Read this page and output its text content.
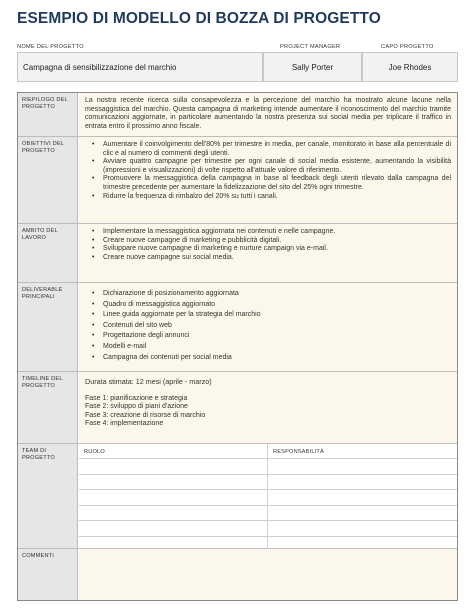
ESEMPIO DI MODELLO DI BOZZA DI PROGETTO
NOME DEL PROGETTO	PROJECT MANAGER	CAPO PROGETTO
Campagna di sensibilizzazione del marchio	Sally Porter	Joe Rhodes
RIEPILOGO DEL PROGETTO
La nostra recente ricerca sulla consapevolezza e la percezione del marchio ha mostrato alcune lacune nella messaggistica del marchio. Questa campagna di marketing intende aumentare il riconoscimento del marchio tramite comunicazioni aggiornate, in particolare aumentando la nostra presenza sui social media per triplicare il traffico in entrata entro il prossimo anno fiscale.
OBIETTIVI DEL PROGETTO
• Aumentare il coinvolgimento dell'80% per trimestre in media, per canale, monitorato in base alla percentuale di clic e al numero di commenti degli utenti.
• Avviare quattro campagne per trimestre per ogni canale di social media esistente, aumentando la visibilità (impressioni e visualizzazioni) di volte rispetto all'attuale valore di riferimento.
• Promuovere la messaggistica della campagna in base al feedback degli utenti rilevato dalla campagna del trimestre precedente per aumentare la fidelizzazione del sito del 25% ogni trimestre.
• Ridurre la frequenza di rimbalzo del 20% su tutti i canali.
AMBITO DEL LAVORO
• Implementare la messaggistica aggiornata nei contenuti e nelle campagne.
• Creare nuove campagne di marketing e pubblicità digitali.
• Sviluppare nuove campagne di marketing e nurture campaign via e-mail.
• Creare nuove campagne sui social media.
DELIVERABLE PRINCIPALI
•	Dichiarazione di posizionamento aggiornata
• Quadro di messaggistica aggiornato
• Linee guida aggiornate per la strategia del marchio
• Contenuti del sito web
• Progettazione degli annunci
• Modelli e-mail
• Campagna dei contenuti per social media
TIMELINE DEL PROGETTO	Durata stimata: 12 mesi (aprile - marzo)
Fase 1: pianificazione e strategia
Fase 2: sviluppo di piani d'azione
Fase 3: creazione di risorse di marchio
Fase 4: implementazione
TEAM DI PROGETTO
RUOLO	RESPONSABILITÀ
COMMENTI
